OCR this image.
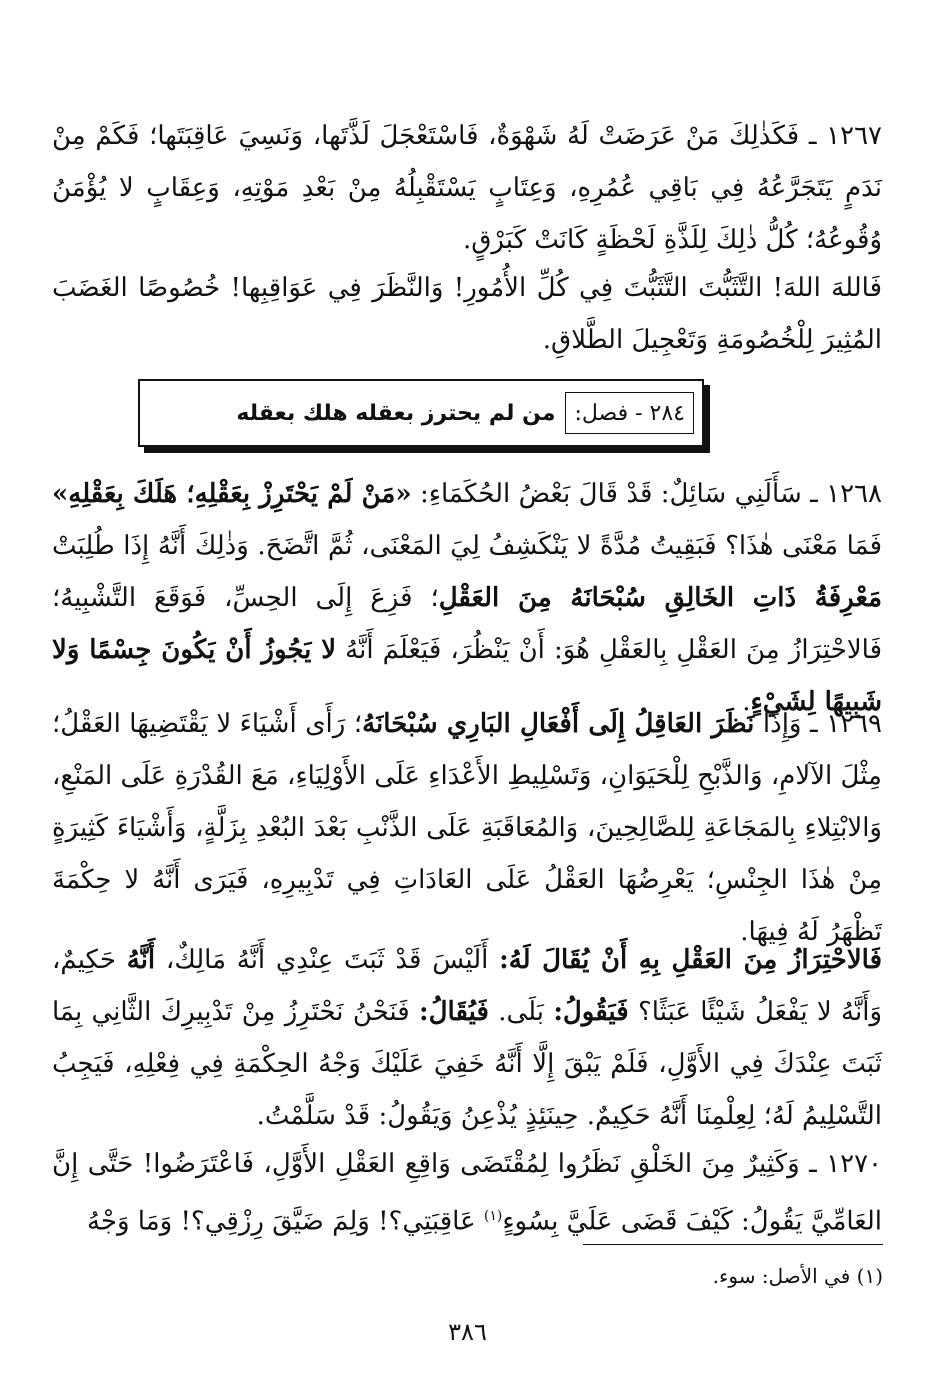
١٢٦٧ ـ فَكَذٰلِكَ مَنْ عَرَضَتْ لَهُ شَهْوَةٌ، فَاسْتَعْجَلَ لَذَّتَها، وَنَسِيَ عَاقِبَتَها؛ فَكَمْ مِنْ نَدَمٍ يَتَجَرَّعُهُ فِي بَاقِي عُمُرِهِ، وَعِتَابٍ يَسْتَقْبِلُهُ مِنْ بَعْدِ مَوْتِهِ، وَعِقَابٍ لا يُؤْمَنُ وُقُوعُهُ؛ كُلُّ ذٰلِكَ لِلَذَّةِ لَحْظَةٍ كَانَتْ كَبَرْقٍ.

فَاللهَ اللهَ! التَّثَبُّتَ التَّثَبُّتَ فِي كُلِّ الأُمُورِ! وَالنَّظَرَ فِي عَوَاقِبِها! خُصُوصًا الغَضَبَ المُثِيرَ لِلْخُصُومَةِ وَتَعْجِيلَ الطَّلاقِ.

٢٨٤ - فصل:
من لم يحترز بعقله هلك بعقله

١٢٦٨ ـ سَأَلَنِي سَائِلٌ: قَدْ قَالَ بَعْضُ الحُكَمَاءِ: «مَنْ لَمْ يَحْتَرِزْ بِعَقْلِهِ؛ هَلَكَ بِعَقْلِهِ» فَمَا مَعْنَى هٰذَا؟ فَبَقِيتُ مُدَّةً لا يَنْكَشِفُ لِيَ المَعْنَى، ثُمَّ اتَّضَحَ. وَذٰلِكَ أَنَّهُ إِذَا طُلِبَتْ مَعْرِفَةُ ذَاتِ الخَالِقِ سُبْحَانَهُ مِنَ العَقْلِ؛ فَزِعَ إِلَى الحِسِّ، فَوَقَعَ التَّشْبِيهُ؛ فَالاحْتِرَازُ مِنَ العَقْلِ بِالعَقْلِ هُوَ: أَنْ يَنْظُرَ، فَيَعْلَمَ أَنَّهُ لا يَجُوزُ أَنْ يَكُونَ جِسْمًا وَلا شَبِيهًا لِشَيْءٍ.

١٢٦٩ ـ وَإِذَا نَظَرَ العَاقِلُ إِلَى أَفْعَالِ البَارِي سُبْحَانَهُ؛ رَأَى أَشْيَاءَ لا يَقْتَضِيهَا العَقْلُ؛ مِثْلَ الآلامِ، وَالذَّبْحِ لِلْحَيَوَانِ، وَتَسْلِيطِ الأَعْدَاءِ عَلَى الأَوْلِيَاءِ، مَعَ القُدْرَةِ عَلَى المَنْعِ، وَالابْتِلاءِ بِالمَجَاعَةِ لِلصَّالِحِينَ، وَالمُعَاقَبَةِ عَلَى الذَّنْبِ بَعْدَ البُعْدِ بِزَلَّةٍ، وَأَشْيَاءَ كَثِيرَةٍ مِنْ هٰذَا الجِنْسِ؛ يَعْرِضُهَا العَقْلُ عَلَى العَادَاتِ فِي تَدْبِيرِهِ، فَيَرَى أَنَّهُ لا حِكْمَةَ تَظْهَرُ لَهُ فِيهَا.

فَالاحْتِرَازُ مِنَ العَقْلِ بِهِ أَنْ يُقَالَ لَهُ: أَلَيْسَ قَدْ ثَبَتَ عِنْدِي أَنَّهُ مَالِكٌ، أَنَّهُ حَكِيمٌ، وَأَنَّهُ لا يَفْعَلُ شَيْئًا عَبَثًا؟ فَيَقُولُ: بَلَى. فَيُقَالُ: فَنَحْنُ نَحْتَرِزُ مِنْ تَدْبِيرِكَ الثَّانِي بِمَا ثَبَتَ عِنْدَكَ فِي الأَوَّلِ، فَلَمْ يَبْقَ إِلَّا أَنَّهُ خَفِيَ عَلَيْكَ وَجْهُ الحِكْمَةِ فِي فِعْلِهِ، فَيَجِبُ التَّسْلِيمُ لَهُ؛ لِعِلْمِنَا أَنَّهُ حَكِيمٌ. حِينَئِذٍ يُذْعِنُ وَيَقُولُ: قَدْ سَلَّمْتُ.

١٢٧٠ ـ وَكَثِيرٌ مِنَ الخَلْقِ نَظَرُوا لِمُقْتَضَى وَاقِعِ العَقْلِ الأَوَّلِ، فَاعْتَرَضُوا! حَتَّى إِنَّ العَامِّيَّ يَقُولُ: كَيْفَ قَضَى عَلَيَّ بِسُوءٍ$^{(١)}$ عَاقِبَتِي؟! وَلِمَ ضَيَّقَ رِزْقِي؟! وَمَا وَجْهُ

(١) في الأصل: سوء.
٣٨٦
